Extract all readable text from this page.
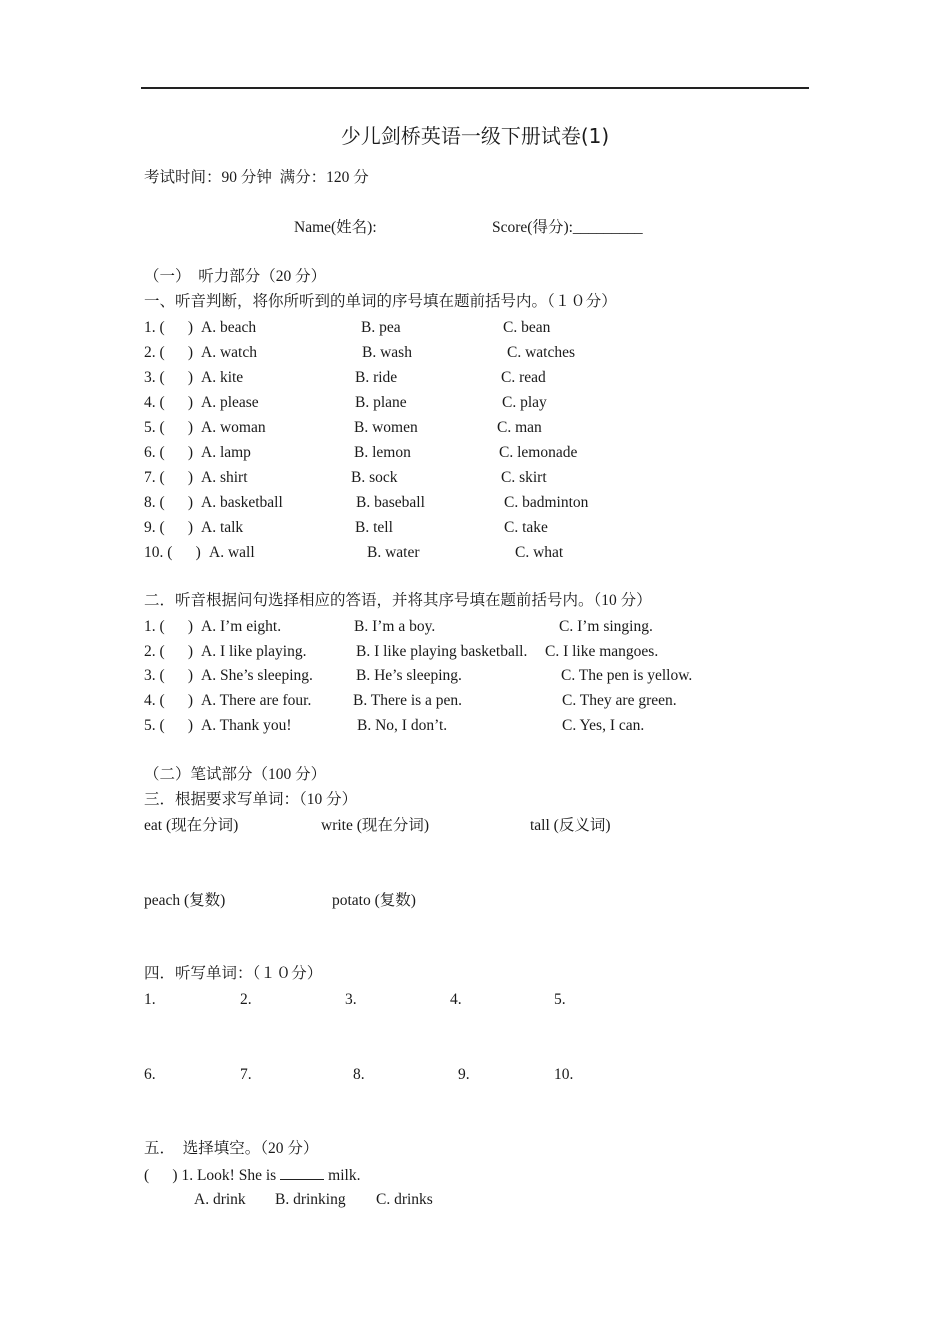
少儿剑桥英语一级下册试卷(1)
考试时间：90 分钟  满分：120 分
Name(姓名):	Score(得分):_________
（一）  听力部分（20 分）
一、听音判断，将你所听到的单词的序号填在题前括号内。（１０分）
1. (      ) A. beach	B. pea	C. bean
2. (      ) A. watch	B. wash	C. watches
3. (      ) A. kite	B. ride	C. read
4. (      ) A. please	B. plane	C. play
5. (      ) A. woman	B. women	C. man
6. (      ) A. lamp	B. lemon	C. lemonade
7. (      ) A. shirt	B. sock	C. skirt
8. (      ) A. basketball	B. baseball	C. badminton
9. (      ) A. talk	B. tell	C. take
10. (      ) A. wall	B. water	C. what
二．听音根据问句选择相应的答语，并将其序号填在题前括号内。（10 分）
1. (      ) A. I’m eight.	B. I’m a boy.	C. I’m singing.
2. (      ) A. I like playing.	B. I like playing basketball. C. I like mangoes.
3. (      ) A. She’s sleeping.	B. He’s sleeping.	C. The pen is yellow.
4. (      ) A. There are four.	B. There is a pen.	C. They are green.
5. (      ) A. Thank you!	B. No, I don’t.	C. Yes, I can.
（二）笔试部分（100 分）
三．根据要求写单词：（10 分）
eat (现在分词)	write (现在分词)	tall (反义词)
peach (复数)	potato (复数)
四．听写单词：（１０分）
1.	2.	3.	4.	5.
6.	7.	8.	9.	10.
五．  选择填空。（20 分）
(      ) 1. Look! She is	milk.
A. drink B. drinking C. drinks
